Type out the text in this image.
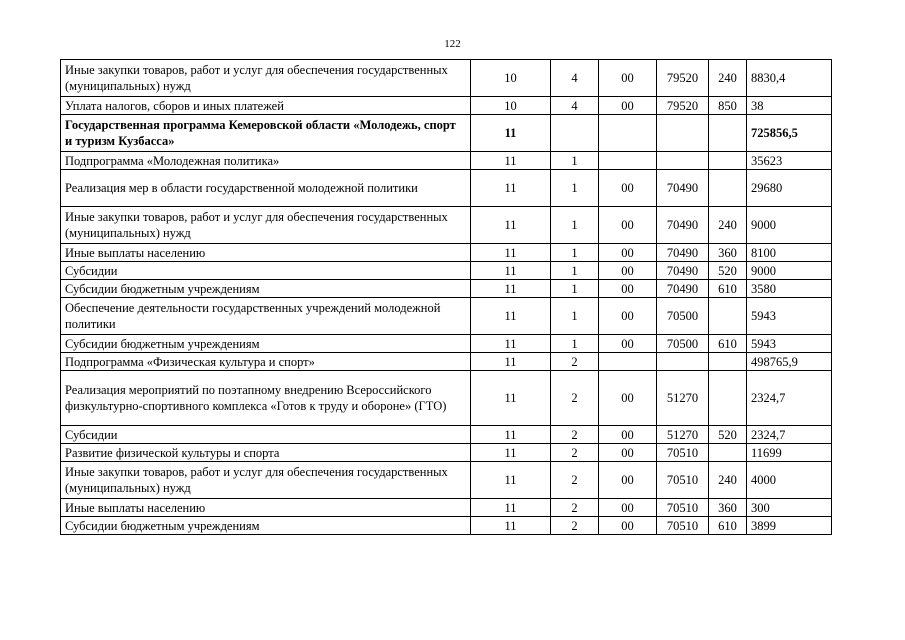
122
Иные закупки товаров, работ и услуг для обеспечения государственных (муниципальных) нужд	10	4	00	79520	240	8830,4
Уплата налогов, сборов и иных платежей	10	4	00	79520	850	38
Государственная программа Кемеровской области «Молодежь, спорт и туризм Кузбасса»	11					725856,5
Подпрограмма «Молодежная политика»	11	1				35623
Реализация мер в области государственной молодежной политики	11	1	00	70490		29680
Иные закупки товаров, работ и услуг для обеспечения государственных (муниципальных) нужд	11	1	00	70490	240	9000
Иные выплаты населению	11	1	00	70490	360	8100
Субсидии	11	1	00	70490	520	9000
Субсидии бюджетным учреждениям	11	1	00	70490	610	3580
Обеспечение деятельности государственных учреждений молодежной политики	11	1	00	70500		5943
Субсидии бюджетным учреждениям	11	1	00	70500	610	5943
Подпрограмма «Физическая культура и спорт»	11	2				498765,9
Реализация мероприятий по поэтапному внедрению Всероссийского физкультурно-спортивного комплекса «Готов к труду и обороне» (ГТО)	11	2	00	51270		2324,7
Субсидии	11	2	00	51270	520	2324,7
Развитие физической культуры и спорта	11	2	00	70510		11699
Иные закупки товаров, работ и услуг для обеспечения государственных (муниципальных) нужд	11	2	00	70510	240	4000
Иные выплаты населению	11	2	00	70510	360	300
Субсидии бюджетным учреждениям	11	2	00	70510	610	3899
